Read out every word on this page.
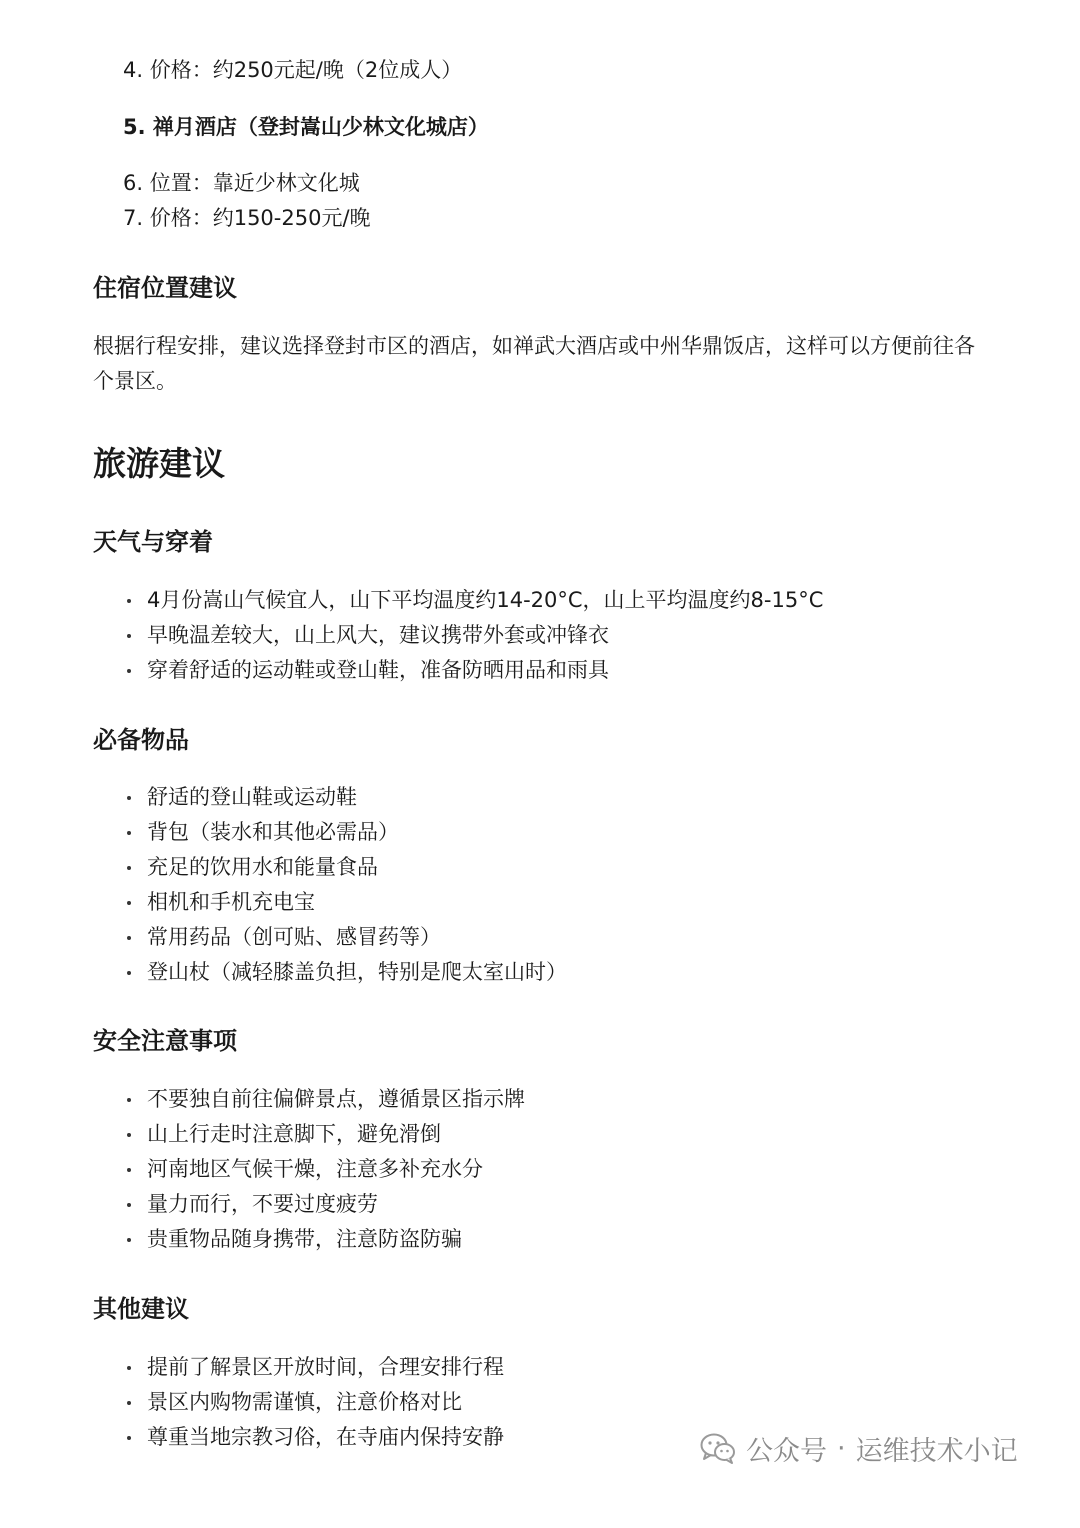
4. 价格：约250元起/晚（2位成人）
5. 禅月酒店（登封嵩山少林文化城店）
6. 位置：靠近少林文化城
7. 价格：约150-250元/晚
住宿位置建议
根据行程安排，建议选择登封市区的酒店，如禅武大酒店或中州华鼎饭店，这样可以方便前往各个景区。
旅游建议
天气与穿着
4月份嵩山气候宜人，山下平均温度约14-20°C，山上平均温度约8-15°C
早晚温差较大，山上风大，建议携带外套或冲锋衣
穿着舒适的运动鞋或登山鞋，准备防晒用品和雨具
必备物品
舒适的登山鞋或运动鞋
背包（装水和其他必需品）
充足的饮用水和能量食品
相机和手机充电宝
常用药品（创可贴、感冒药等）
登山杖（减轻膝盖负担，特别是爬太室山时）
安全注意事项
不要独自前往偏僻景点，遵循景区指示牌
山上行走时注意脚下，避免滑倒
河南地区气候干燥，注意多补充水分
量力而行，不要过度疲劳
贵重物品随身携带，注意防盗防骗
其他建议
提前了解景区开放时间，合理安排行程
景区内购物需谨慎，注意价格对比
尊重当地宗教习俗，在寺庙内保持安静	公众号 · 运维技术小记
